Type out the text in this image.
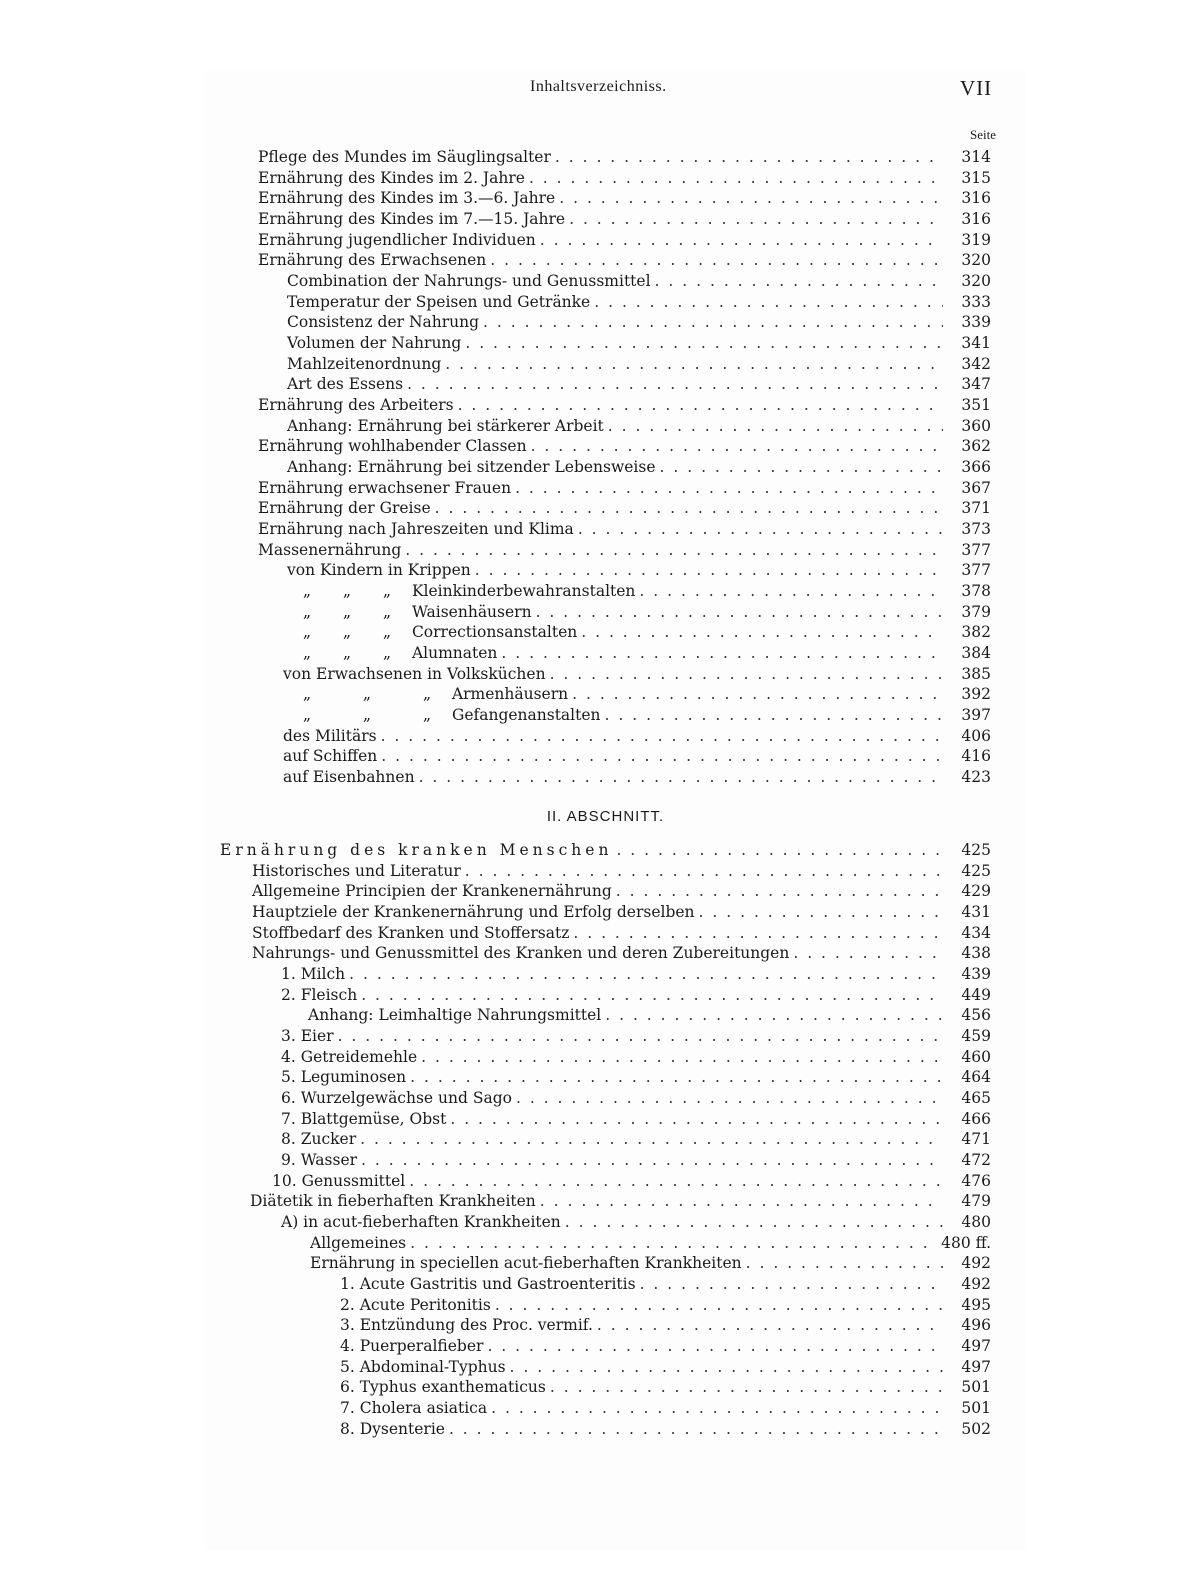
Inhaltsverzeichniss.	VII
Seite
Pflege des Mundes im Säuglingsalter . . .	314
Ernährung des Kindes im 2. Jahre . . .	315
Ernährung des Kindes im 3.—6. Jahre . . .	316
Ernährung des Kindes im 7.—15. Jahre . . .	316
Ernährung jugendlicher Individuen . . .	319
Ernährung des Erwachsenen . . .	320
Combination der Nahrungs- und Genussmittel . . .	320
Temperatur der Speisen und Getränke . . .	333
Consistenz der Nahrung . . .	339
Volumen der Nahrung . . .	341
Mahlzeitenordnung . . .	342
Art des Essens . . .	347
Ernährung des Arbeiters . . .	351
Anhang: Ernährung bei stärkerer Arbeit . . .	360
Ernährung wohlhabender Classen . . .	362
Anhang: Ernährung bei sitzender Lebensweise . . .	366
Ernährung erwachsener Frauen . . .	367
Ernährung der Greise . . .	371
Ernährung nach Jahreszeiten und Klima . . .	373
Massenernährung . . .	377
von Kindern in Krippen . . .	377
„ „ „ Kleinkinderbewahranstalten . . .	378
„ „ „ Waisenhäusern . . .	379
„ „ „ Correctionsanstalten . . .	382
„ „ „ Alumnaten . . .	384
von Erwachsenen in Volksküchen . . .	385
„	„	„ Armenhäusern . . .	392
„	„	„ Gefangenanstalten . . .	397
des Militärs . . .	406
auf Schiffen . . .	416
auf Eisenbahnen . . .	423
II. ABSCHNITT.
Ernährung des kranken Menschen . . .	425
Historisches und Literatur . . .	425
Allgemeine Principien der Krankenernährung . . .	429
Hauptziele der Krankenernährung und Erfolg derselben . . .	431
Stoffbedarf des Kranken und Stoffersatz . . .	434
Nahrungs- und Genussmittel des Kranken und deren Zubereitungen . . .	438
1. Milch . . .	439
2. Fleisch . . .	449
Anhang: Leimhaltige Nahrungsmittel . . .	456
3. Eier . . .	459
4. Getreidemehle . . .	460
5. Leguminosen . . .	464
6. Wurzelgewächse und Sago . . .	465
7. Blattgemüse, Obst . . .	466
8. Zucker . . .	471
9. Wasser . . .	472
10. Genussmittel . . .	476
Diätetik in fieberhaften Krankheiten . . .	479
A) in acut-fieberhaften Krankheiten . . .	480
Allgemeines . . .	480 ff.
Ernährung in speciellen acut-fieberhaften Krankheiten . . .	492
1. Acute Gastritis und Gastroenteritis . . .	492
2. Acute Peritonitis . . .	495
3. Entzündung des Proc. vermif. . . .	496
4. Puerperalfieber . . .	497
5. Abdominal-Typhus . . .	497
6. Typhus exanthematicus . . .	501
7. Cholera asiatica . . .	501
8. Dysenterie . . .	502
